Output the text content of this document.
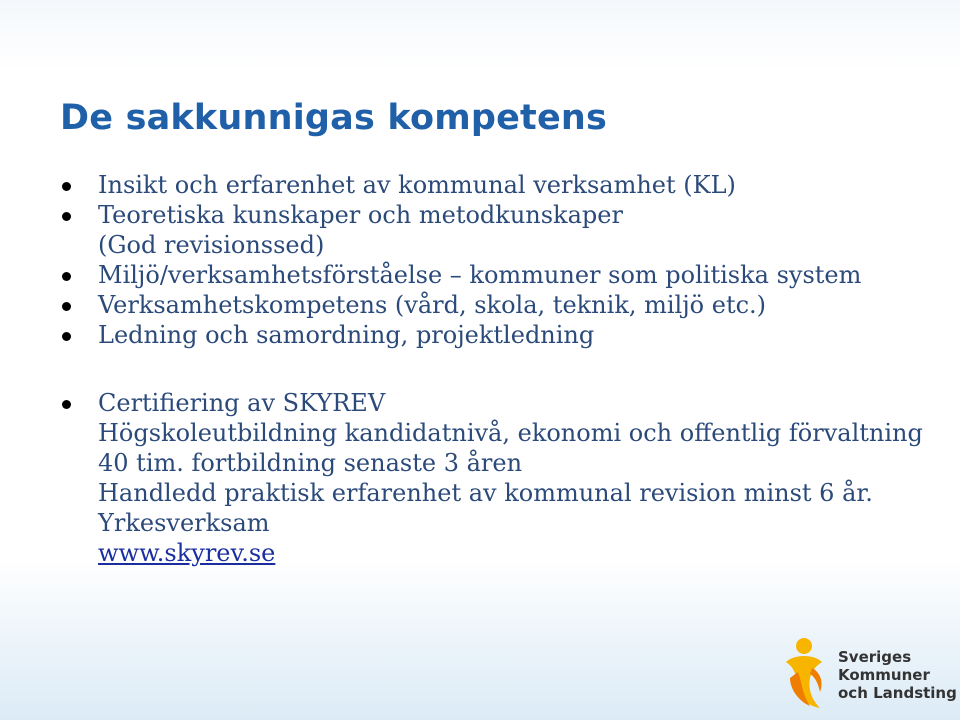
De sakkunnigas kompetens

Insikt och erfarenhet av kommunal verksamhet (KL)

Teoretiska kunskaper och metodkunskaper
(God revisionssed)

Miljö/verksamhetsförståelse – kommuner som politiska system

Verksamhetskompetens (vård, skola, teknik, miljö etc.)

Ledning och samordning, projektledning

Certifiering av SKYREV
Högskoleutbildning kandidatnivå, ekonomi och offentlig förvaltning
40 tim. fortbildning senaste 3 åren
Handledd praktisk erfarenhet av kommunal revision minst 6 år.
Yrkesverksam
www.skyrev.se

Sveriges
Kommuner
och Landsting
